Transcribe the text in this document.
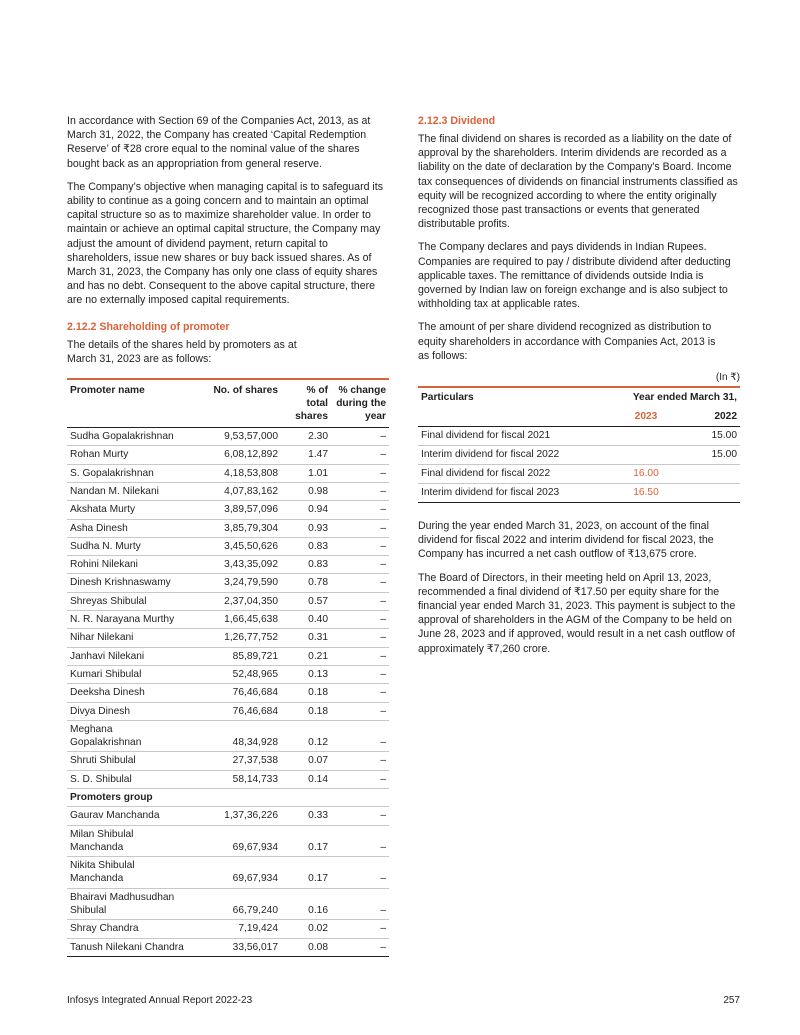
In accordance with Section 69 of the Companies Act, 2013, as at March 31, 2022, the Company has created ‘Capital Redemption Reserve’ of ₹28 crore equal to the nominal value of the shares bought back as an appropriation from general reserve.

The Company’s objective when managing capital is to safeguard its ability to continue as a going concern and to maintain an optimal capital structure so as to maximize shareholder value. In order to maintain or achieve an optimal capital structure, the Company may adjust the amount of dividend payment, return capital to shareholders, issue new shares or buy back issued shares. As of March 31, 2023, the Company has only one class of equity shares and has no debt. Consequent to the above capital structure, there are no externally imposed capital requirements.

2.12.2 Shareholding of promoter

The details of the shares held by promoters as at March 31, 2023 are as follows:

Promoter name	No. of shares	% of total shares	% change during the year
Sudha Gopalakrishnan	9,53,57,000	2.30	–
Rohan Murty	6,08,12,892	1.47	–
S. Gopalakrishnan	4,18,53,808	1.01	–
Nandan M. Nilekani	4,07,83,162	0.98	–
Akshata Murty	3,89,57,096	0.94	–
Asha Dinesh	3,85,79,304	0.93	–
Sudha N. Murty	3,45,50,626	0.83	–
Rohini Nilekani	3,43,35,092	0.83	–
Dinesh Krishnaswamy	3,24,79,590	0.78	–
Shreyas Shibulal	2,37,04,350	0.57	–
N. R. Narayana Murthy	1,66,45,638	0.40	–
Nihar Nilekani	1,26,77,752	0.31	–
Janhavi Nilekani	85,89,721	0.21	–
Kumari Shibulal	52,48,965	0.13	–
Deeksha Dinesh	76,46,684	0.18	–
Divya Dinesh	76,46,684	0.18	–
Meghana Gopalakrishnan	48,34,928	0.12	–
Shruti Shibulal	27,37,538	0.07	–
S. D. Shibulal	58,14,733	0.14	–
Promoters group			
Gaurav Manchanda	1,37,36,226	0.33	–
Milan Shibulal Manchanda	69,67,934	0.17	–
Nikita Shibulal Manchanda	69,67,934	0.17	–
Bhairavi Madhusudhan Shibulal	66,79,240	0.16	–
Shray Chandra	7,19,424	0.02	–
Tanush Nilekani Chandra	33,56,017	0.08	–
2.12.3 Dividend

The final dividend on shares is recorded as a liability on the date of approval by the shareholders. Interim dividends are recorded as a liability on the date of declaration by the Company's Board. Income tax consequences of dividends on financial instruments classified as equity will be recognized according to where the entity originally recognized those past transactions or events that generated distributable profits.

The Company declares and pays dividends in Indian Rupees. Companies are required to pay / distribute dividend after deducting applicable taxes. The remittance of dividends outside India is governed by Indian law on foreign exchange and is also subject to withholding tax at applicable rates.

The amount of per share dividend recognized as distribution to equity shareholders in accordance with Companies Act, 2013 is as follows:

(In ₹)
Particulars	Year ended March 31,	
	2023	2022
Final dividend for fiscal 2021		15.00
Interim dividend for fiscal 2022		15.00
Final dividend for fiscal 2022	16.00	
Interim dividend for fiscal 2023	16.50	

During the year ended March 31, 2023, on account of the final dividend for fiscal 2022 and interim dividend for fiscal 2023, the Company has incurred a net cash outflow of ₹13,675 crore.

The Board of Directors, in their meeting held on April 13, 2023, recommended a final dividend of ₹17.50 per equity share for the financial year ended March 31, 2023. This payment is subject to the approval of shareholders in the AGM of the Company to be held on June 28, 2023 and if approved, would result in a net cash outflow of approximately ₹7,260 crore.

Infosys Integrated Annual Report 2022-23	257
